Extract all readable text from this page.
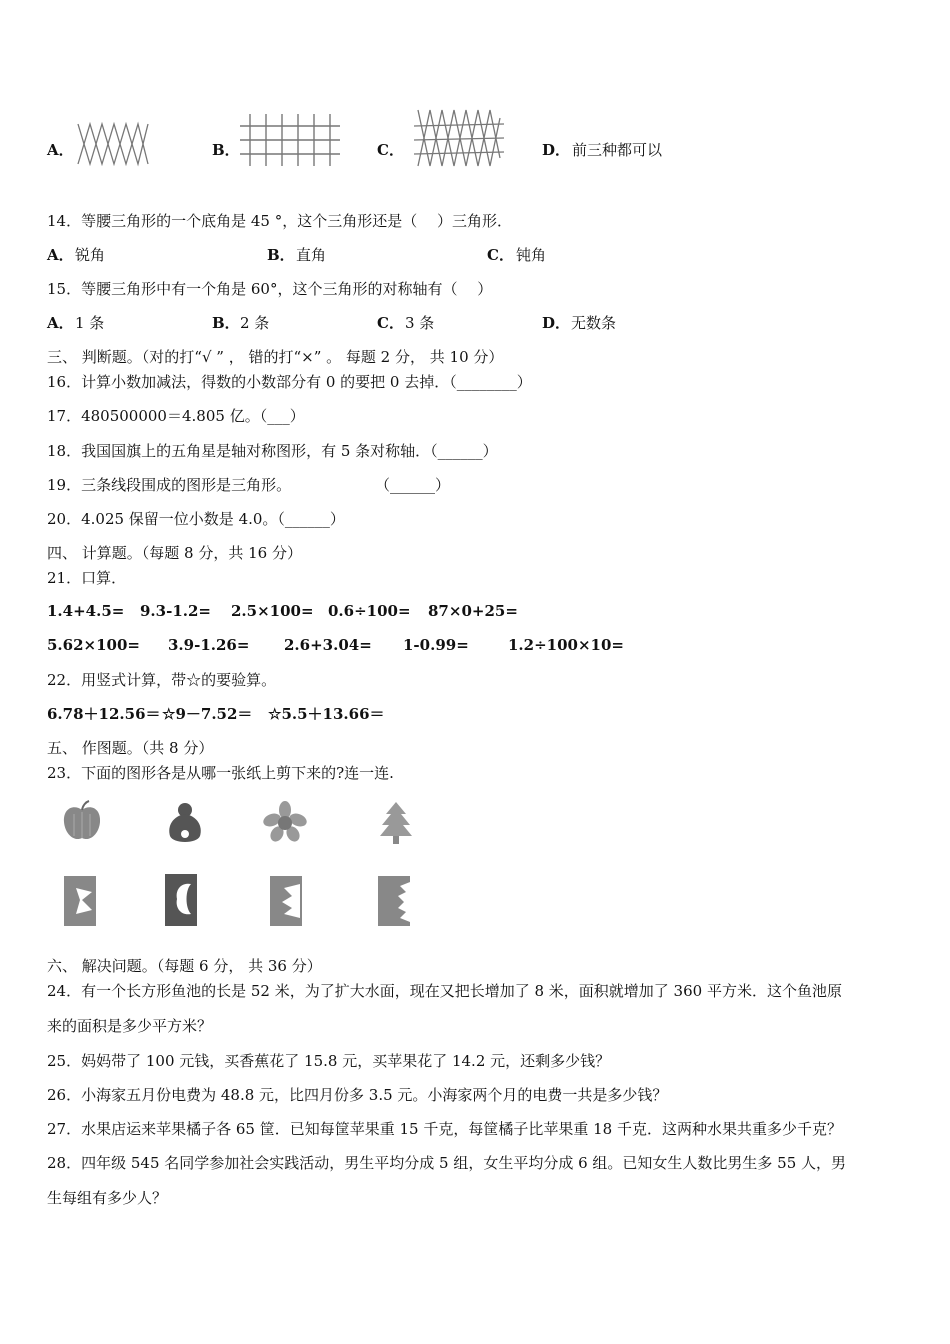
A．	B．	C．	D． 前三种都可以
14．等腰三角形的一个底角是 45 °，这个三角形还是（　 ）三角形．
A． 锐角	B． 直角	C． 钝角
15．等腰三角形中有一个角是 60°，这个三角形的对称轴有（　 ）
A． 1 条	B． 2 条	C． 3 条	D． 无数条
三、 判断题。（对的打“√ ” ， 错的打“×” 。 每题 2 分， 共 10 分）
16．计算小数加减法，得数的小数部分有 0 的要把 0 去掉．（________）
17．480500000＝4.805 亿。（___）
18．我国国旗上的五角星是轴对称图形，有 5 条对称轴．（______）
19．三条线段围成的图形是三角形。	（______）
20．4.025 保留一位小数是 4.0。（______）
四、 计算题。（每题 8 分，共 16 分）
21．口算．
1.4+4.5= 9.3-1.2= 2.5×100= 0.6÷100= 87×0+25=
5.62×100= 3.9-1.26= 2.6+3.04= 1-0.99=	1.2÷100×10=
22．用竖式计算，带☆的要验算。
6.78＋12.56＝ ☆9－7.52＝ ☆5.5＋13.66＝
五、 作图题。（共 8 分）
23．下面的图形各是从哪一张纸上剪下来的?连一连.
六、 解决问题。（每题 6 分， 共 36 分）
24．有一个长方形鱼池的长是 52 米，为了扩大水面，现在又把长增加了 8 米，面积就增加了 360 平方米．这个鱼池原
来的面积是多少平方米？
25．妈妈带了 100 元钱，买香蕉花了 15.8 元，买苹果花了 14.2 元，还剩多少钱？
26．小海家五月份电费为 48.8 元，比四月份多 3.5 元。小海家两个月的电费一共是多少钱？
27．水果店运来苹果橘子各 65 筐．已知每筐苹果重 15 千克，每筐橘子比苹果重 18 千克．这两种水果共重多少千克？
28．四年级 545 名同学参加社会实践活动，男生平均分成 5 组，女生平均分成 6 组。已知女生人数比男生多 55 人，男
生每组有多少人？
